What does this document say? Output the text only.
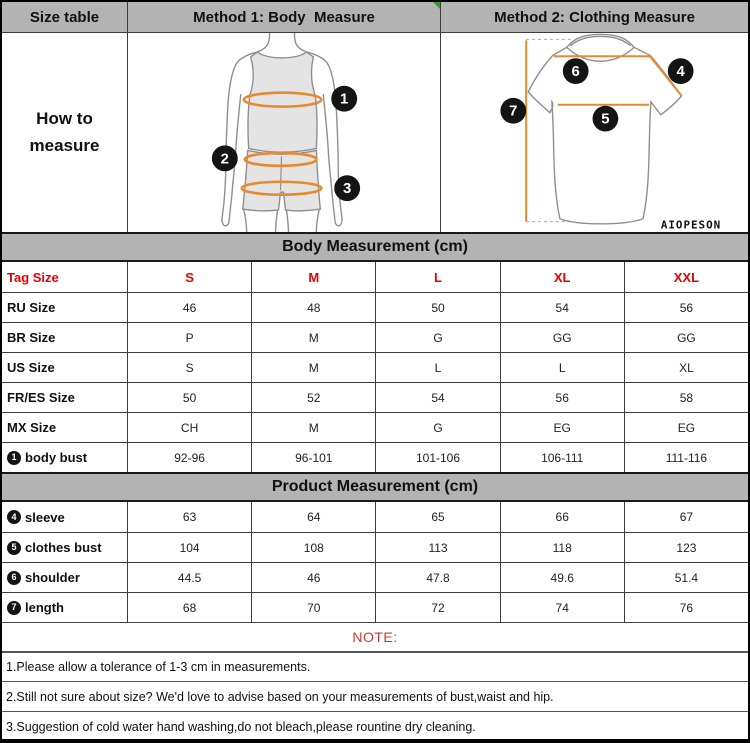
Size table	Method 1: Body  Measure	Method 2: Clothing Measure
How to
measure
1
2
3
6	4
7	5
AIOPESON
Body Measurement (cm)
Tag Size	S	M	L	XL	XXL
RU Size	46	48	50	54	56
BR Size	P	M	G	GG	GG
US Size	S	M	L	L	XL
FR/ES Size	50	52	54	56	58
MX Size	CH	M	G	EG	EG
1 body bust	92-96	96-101	101-106	106-111	111-116
Product Measurement (cm)
4 sleeve	63	64	65	66	67
5 clothes bust	104	108	113	118	123
6 shoulder	44.5	46	47.8	49.6	51.4
7 length	68	70	72	74	76
NOTE:
1.Please allow a tolerance of 1-3 cm in measurements.
2.Still not sure about size? We'd love to advise based on your measurements of bust,waist and hip.
3.Suggestion of cold water hand washing,do not bleach,please rountine dry cleaning.
